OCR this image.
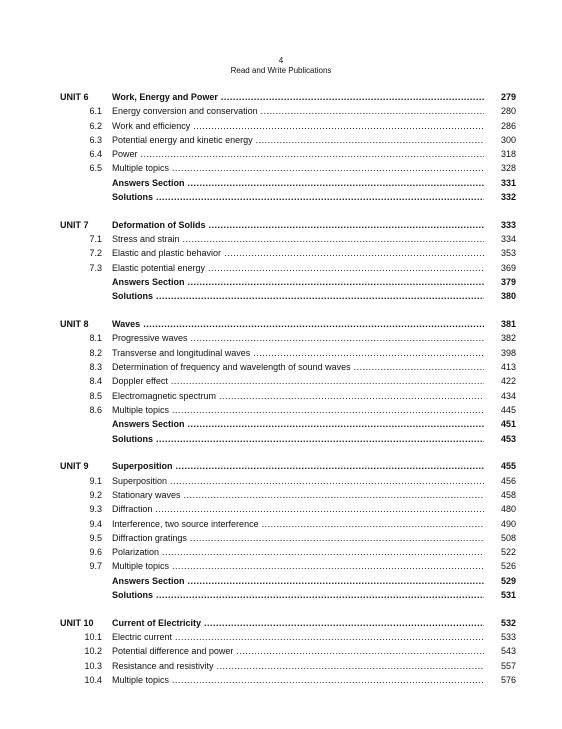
4
Read and Write Publications
UNIT 6	Work, Energy and Power .....	279
6.1 Energy conversion and conservation .....	280
6.2 Work and efficiency .....	286
6.3 Potential energy and kinetic energy .....	300
6.4 Power .....	318
6.5 Multiple topics .....	328
Answers Section .....	331
Solutions .....	332
UNIT 7	Deformation of Solids .....	333
7.1 Stress and strain .....	334
7.2 Elastic and plastic behavior .....	353
7.3 Elastic potential energy .....	369
Answers Section .....	379
Solutions .....	380
UNIT 8	Waves .....	381
8.1 Progressive waves .....	382
8.2 Transverse and longitudinal waves .....	398
8.3 Determination of frequency and wavelength of sound waves .....	413
8.4 Doppler effect .....	422
8.5 Electromagnetic spectrum .....	434
8.6 Multiple topics .....	445
Answers Section .....	451
Solutions .....	453
UNIT 9	Superposition .....	455
9.1 Superposition .....	456
9.2 Stationary waves .....	458
9.3 Diffraction .....	480
9.4 Interference, two source interference .....	490
9.5 Diffraction gratings .....	508
9.6 Polarization .....	522
9.7 Multiple topics .....	526
Answers Section .....	529
Solutions .....	531
UNIT 10 Current of Electricity .....	532
10.1 Electric current .....	533
10.2 Potential difference and power .....	543
10.3 Resistance and resistivity .....	557
10.4 Multiple topics .....	576
